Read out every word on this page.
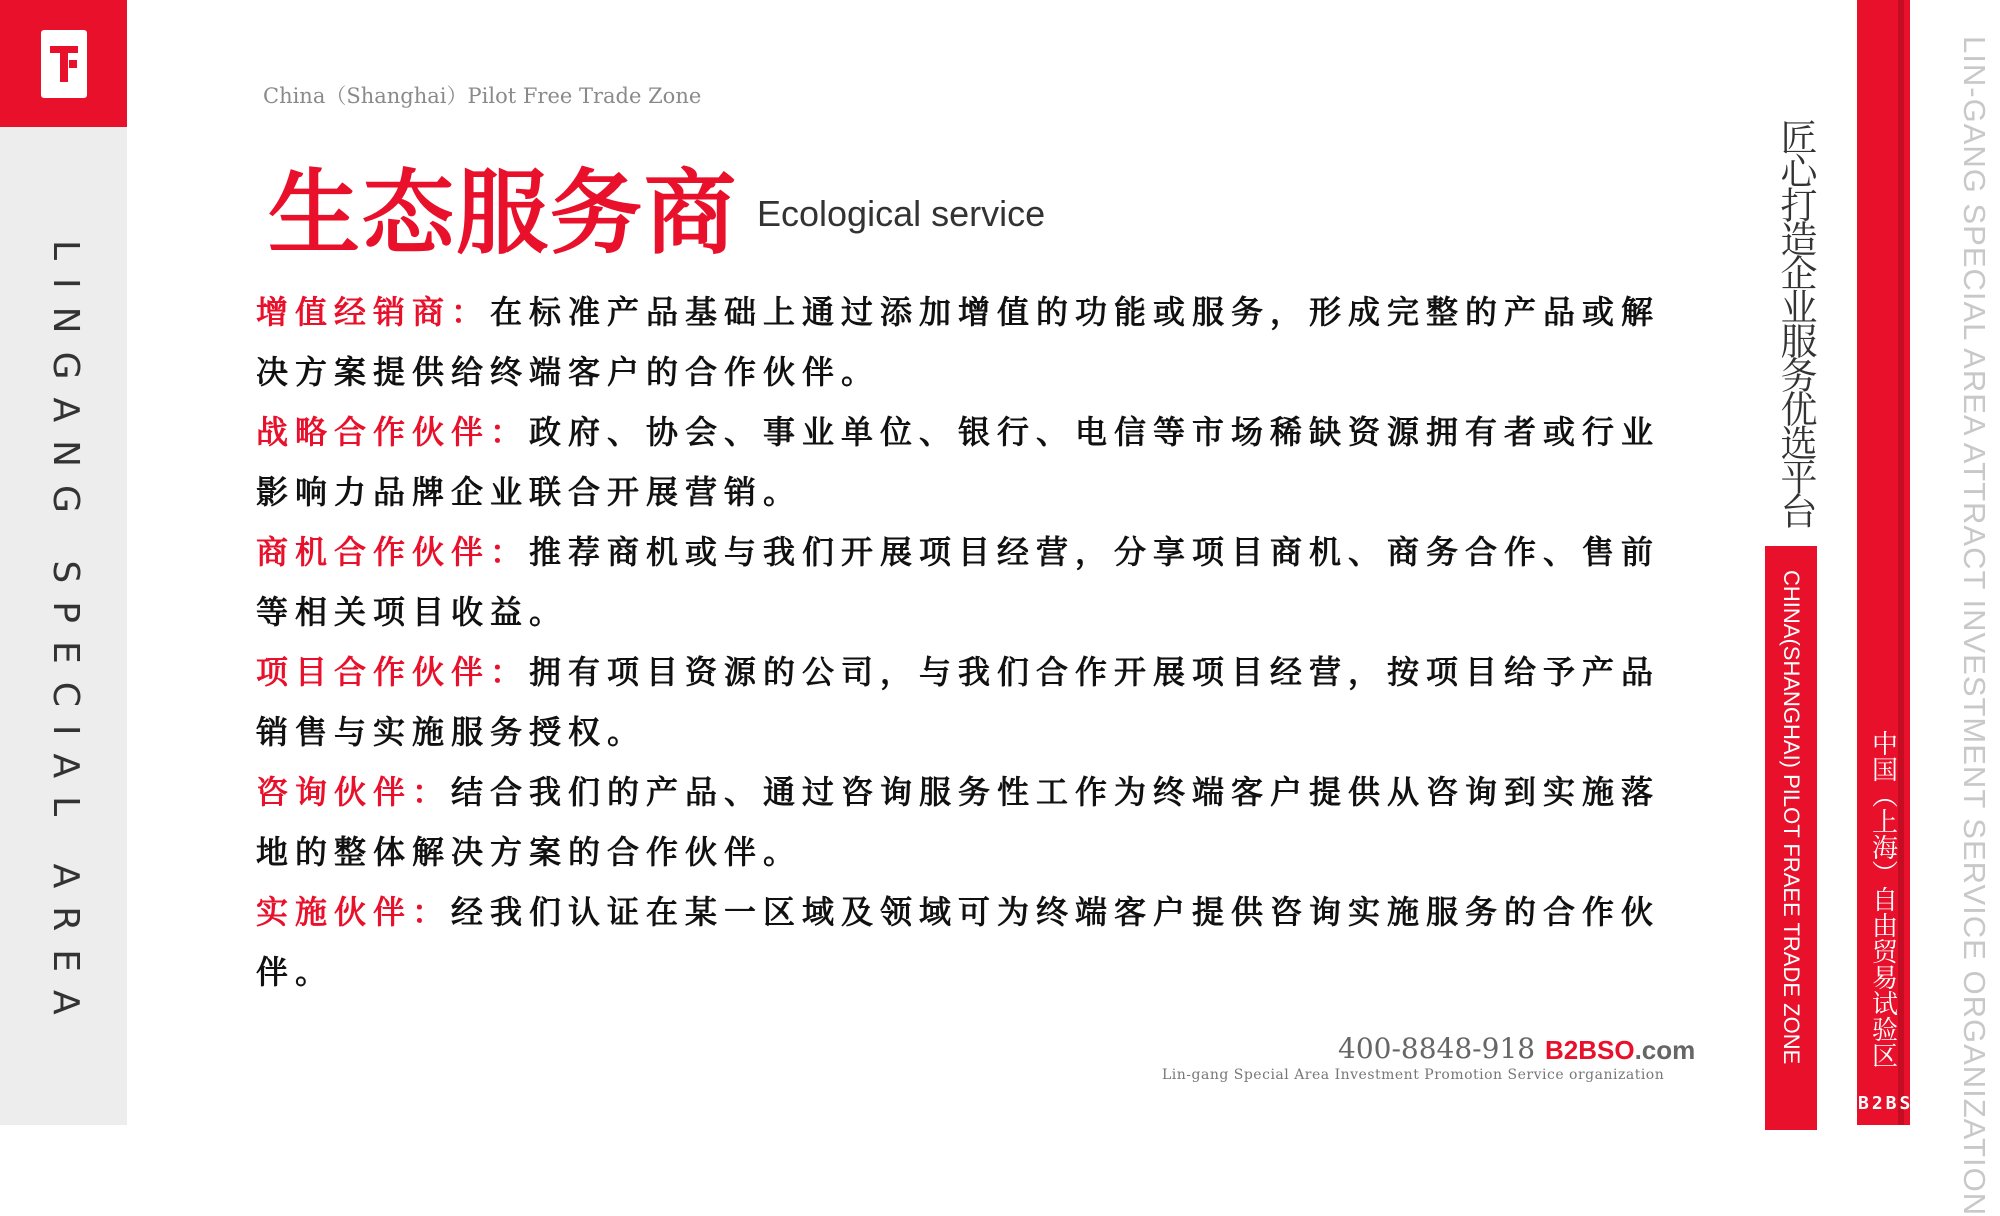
LINGANG SPECIAL AREA
China（Shanghai）Pilot Free Trade Zone
生态服务商 Ecological service

增值经销商：在标准产品基础上通过添加增值的功能或服务，形成完整的产品或解决方案提供给终端客户的合作伙伴。

战略合作伙伴：政府、协会、事业单位、银行、电信等市场稀缺资源拥有者或行业影响力品牌企业联合开展营销。

商机合作伙伴：推荐商机或与我们开展项目经营，分享项目商机、商务合作、售前等相关项目收益。

项目合作伙伴：拥有项目资源的公司，与我们合作开展项目经营，按项目给予产品销售与实施服务授权。

咨询伙伴：结合我们的产品、通过咨询服务性工作为终端客户提供从咨询到实施落地的整体解决方案的合作伙伴。

实施伙伴：经我们认证在某一区域及领域可为终端客户提供咨询实施服务的合作伙伴。

400-8848-918 B2BSO.com
Lin-gang Special Area Investment Promotion Service organization
匠心打造企业服务优选平台
CHINA(SHANGHAI) PILOT FRAEE TRADE ZONE	中国（上海）自由贸易试验区
B2BSO LIN-GANG SPECIAL AREA ATTRACT INVESTMENT SERVICE ORGANIZATION
